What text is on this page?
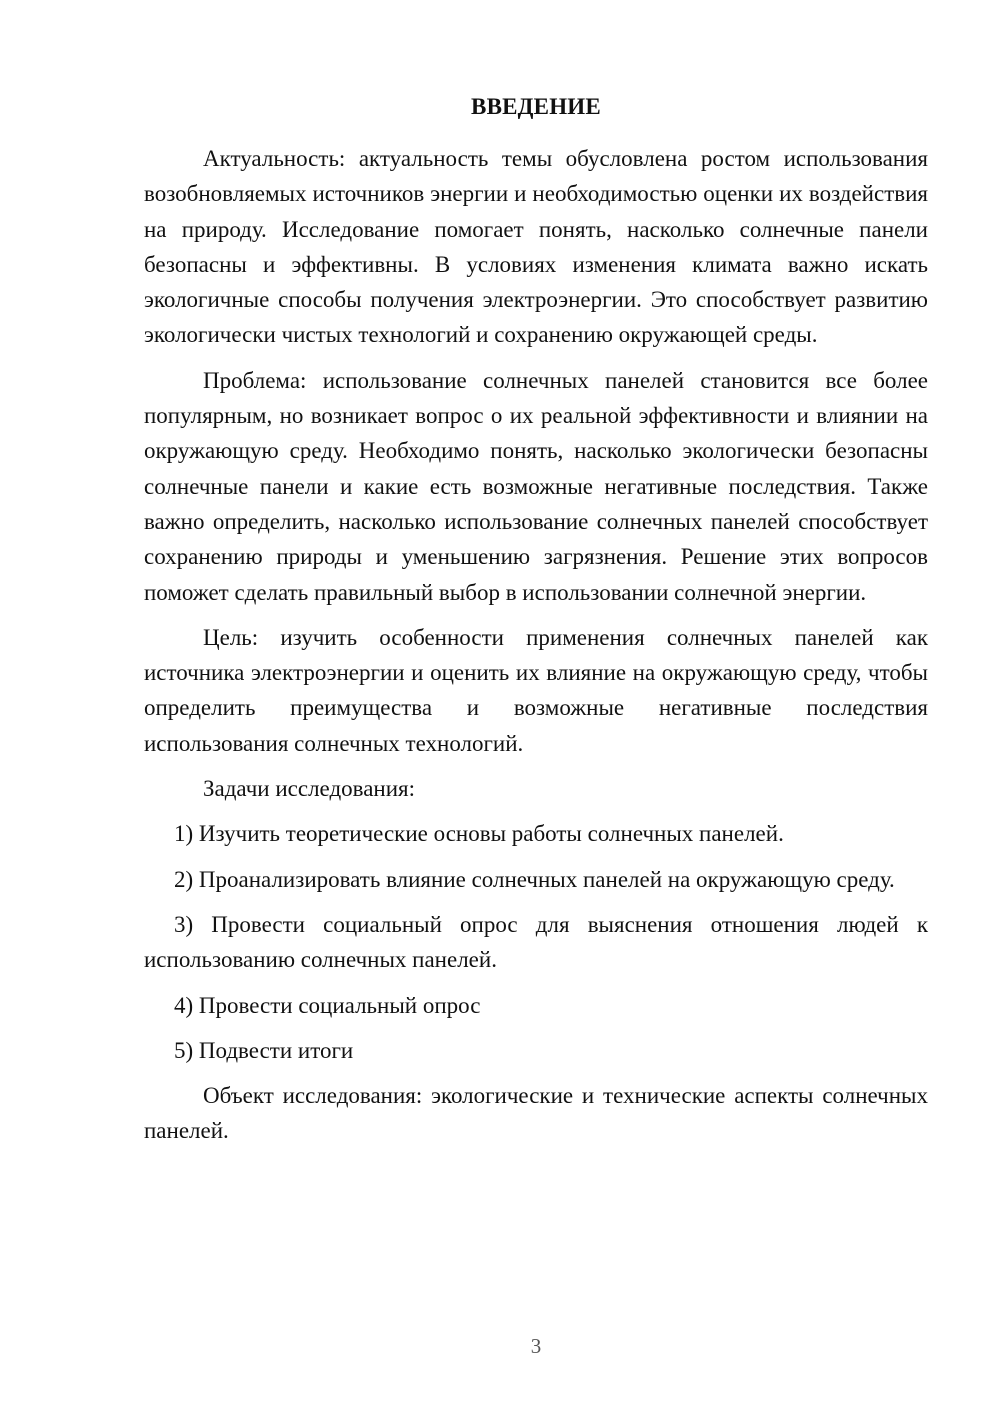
ВВЕДЕНИЕ

Актуальность: актуальность темы обусловлена ростом использования возобновляемых источников энергии и необходимостью оценки их воздействия на природу. Исследование помогает понять, насколько солнечные панели безопасны и эффективны. В условиях изменения климата важно искать экологичные способы получения электроэнергии. Это способствует развитию экологически чистых технологий и сохранению окружающей среды.

Проблема: использование солнечных панелей становится все более популярным, но возникает вопрос о их реальной эффективности и влиянии на окружающую среду. Необходимо понять, насколько экологически безопасны солнечные панели и какие есть возможные негативные последствия. Также важно определить, насколько использование солнечных панелей способствует сохранению природы и уменьшению загрязнения. Решение этих вопросов поможет сделать правильный выбор в использовании солнечной энергии.

Цель: изучить особенности применения солнечных панелей как источника электроэнергии и оценить их влияние на окружающую среду, чтобы определить преимущества и возможные негативные последствия использования солнечных технологий.

Задачи исследования:

1) Изучить теоретические основы работы солнечных панелей.

2) Проанализировать влияние солнечных панелей на окружающую среду.

3) Провести социальный опрос для выяснения отношения людей к использованию солнечных панелей.

4) Провести социальный опрос

5) Подвести итоги

Объект исследования: экологические и технические аспекты солнечных панелей.

3
